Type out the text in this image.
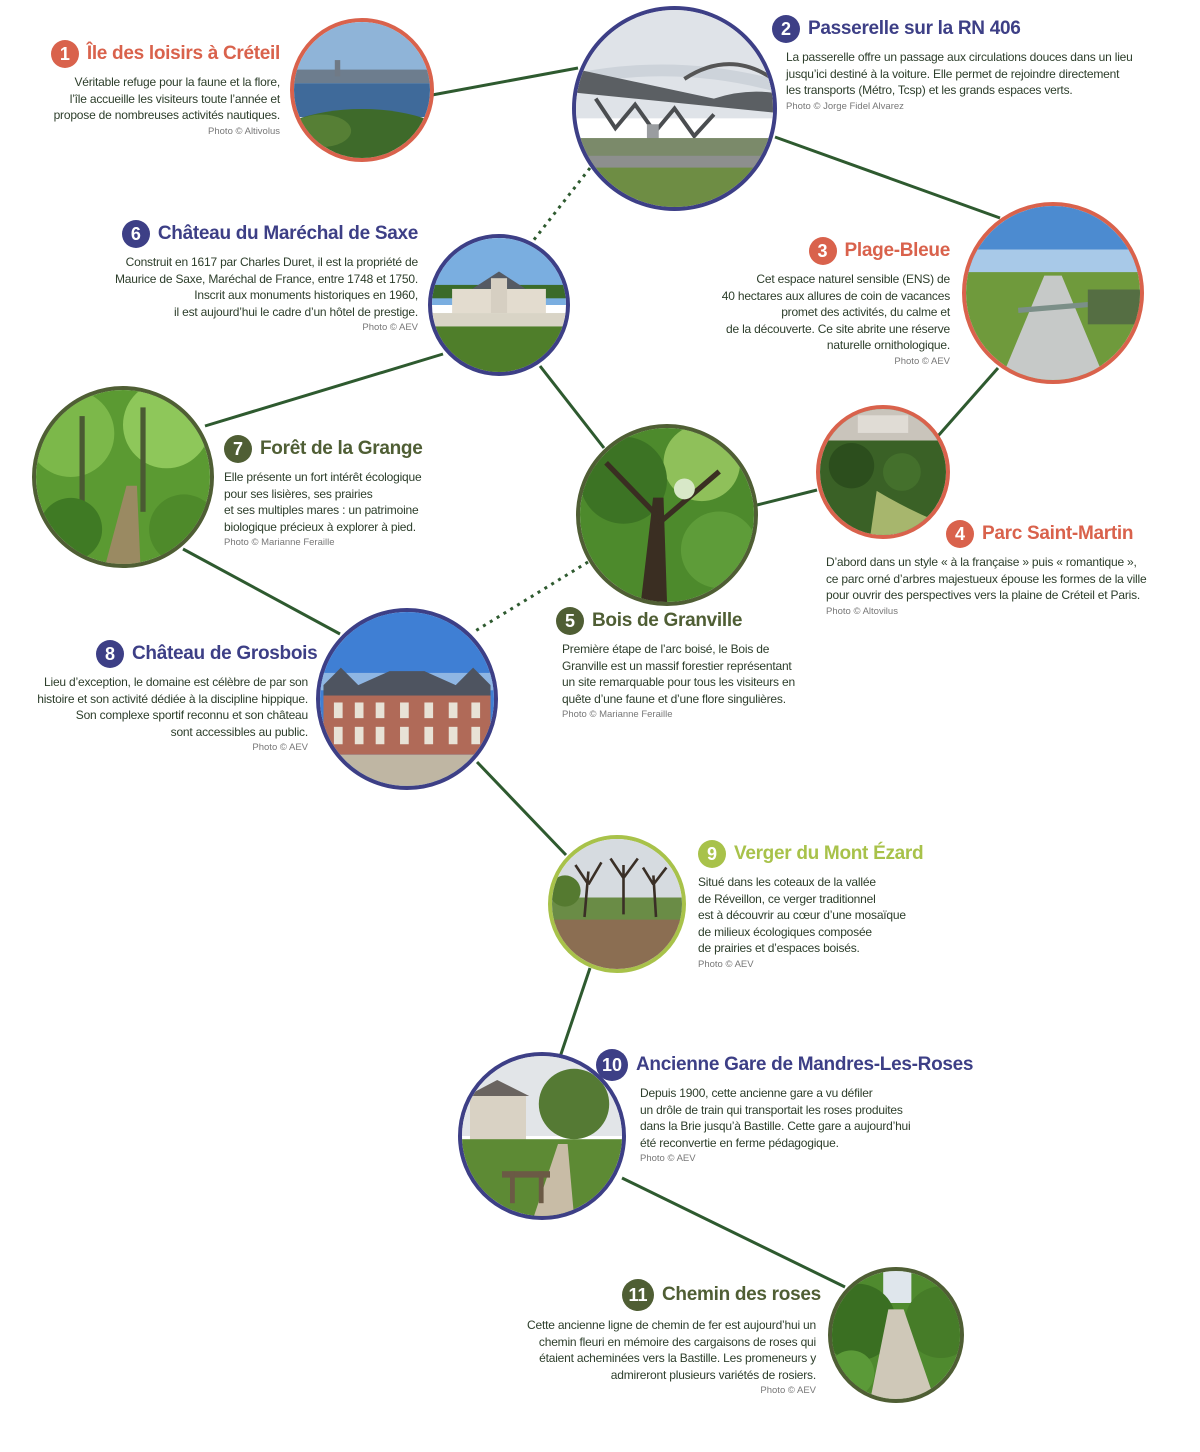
1 Île des loisirs à Créteil
Véritable refuge pour la faune et la flore,
l’île accueille les visiteurs toute l’année et
propose de nombreuses activités nautiques.
Photo © Altivolus
2 Passerelle sur la RN 406
La passerelle offre un passage aux circulations douces dans un lieu
jusqu’ici destiné à la voiture. Elle permet de rejoindre directement
les transports (Métro, Tcsp) et les grands espaces verts.
Photo © Jorge Fidel Alvarez
3 Plage-Bleue
Cet espace naturel sensible (ENS) de
40 hectares aux allures de coin de vacances
promet des activités, du calme et
de la découverte. Ce site abrite une réserve
naturelle ornithologique.
Photo © AEV
4 Parc Saint-Martin
D’abord dans un style « à la française » puis « romantique »,
ce parc orné d’arbres majestueux épouse les formes de la ville
pour ouvrir des perspectives vers la plaine de Créteil et Paris.
Photo © Altovilus
5 Bois de Granville
Première étape de l’arc boisé, le Bois de
Granville est un massif forestier représentant
un site remarquable pour tous les visiteurs en
quête d’une faune et d’une flore singulières.
Photo © Marianne Feraille
6 Château du Maréchal de Saxe
Construit en 1617 par Charles Duret, il est la propriété de
Maurice de Saxe, Maréchal de France, entre 1748 et 1750.
Inscrit aux monuments historiques en 1960,
il est aujourd’hui le cadre d’un hôtel de prestige.
Photo © AEV
7 Forêt de la Grange
Elle présente un fort intérêt écologique
pour ses lisières, ses prairies
et ses multiples mares : un patrimoine
biologique précieux à explorer à pied.
Photo © Marianne Feraille
8 Château de Grosbois
Lieu d’exception, le domaine est célèbre de par son
histoire et son activité dédiée à la discipline hippique.
Son complexe sportif reconnu et son château
sont accessibles au public.
Photo © AEV
9 Verger du Mont Ézard
Situé dans les coteaux de la vallée
de Réveillon, ce verger traditionnel
est à découvrir au cœur d’une mosaïque
de milieux écologiques composée
de prairies et d’espaces boisés.
Photo © AEV
10 Ancienne Gare de Mandres-Les-Roses
Depuis 1900, cette ancienne gare a vu défiler
un drôle de train qui transportait les roses produites
dans la Brie jusqu’à Bastille. Cette gare a aujourd’hui
été reconvertie en ferme pédagogique.
Photo © AEV
11 Chemin des roses
Cette ancienne ligne de chemin de fer est aujourd’hui un
chemin fleuri en mémoire des cargaisons de roses qui
étaient acheminées vers la Bastille. Les promeneurs y
admireront plusieurs variétés de rosiers.
Photo © AEV
